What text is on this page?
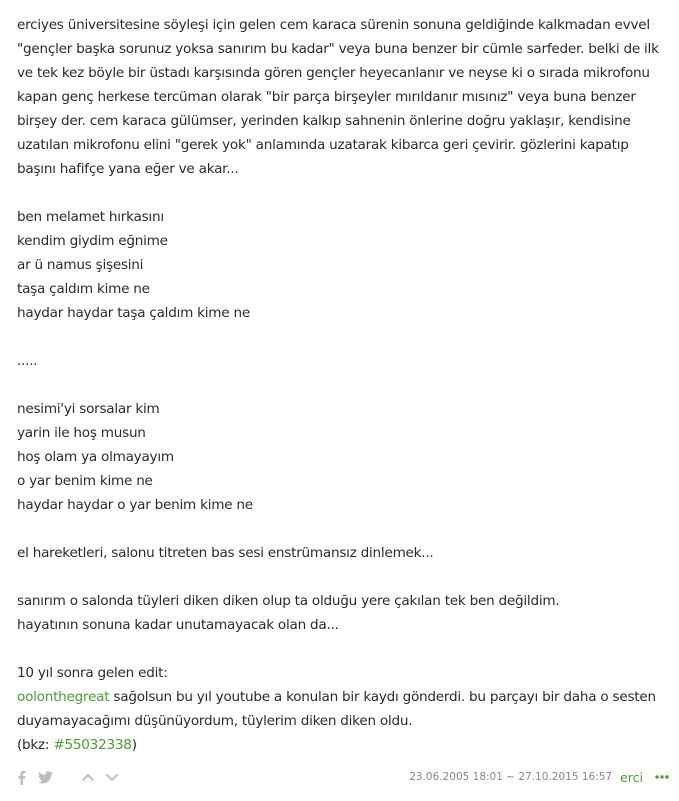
erciyes üniversitesine söyleşi için gelen cem karaca sürenin sonuna geldiğinde kalkmadan evvel

"gençler başka sorunuz yoksa sanırım bu kadar" veya buna benzer bir cümle sarfeder. belki de ilk

ve tek kez böyle bir üstadı karşısında gören gençler heyecanlanır ve neyse ki o sırada mikrofonu

kapan genç herkese tercüman olarak "bir parça birşeyler mırıldanır mısınız" veya buna benzer

birşey der. cem karaca gülümser, yerinden kalkıp sahnenin önlerine doğru yaklaşır, kendisine

uzatılan mikrofonu elini "gerek yok" anlamında uzatarak kibarca geri çevirir. gözlerini kapatıp

başını hafifçe yana eğer ve akar...

ben melamet hırkasını

kendim giydim eğnime

ar ü namus şişesini

taşa çaldım kime ne

haydar haydar taşa çaldım kime ne

.....

nesimi'yi sorsalar kim

yarin ile hoş musun

hoş olam ya olmayayım

o yar benim kime ne

haydar haydar o yar benim kime ne

el hareketleri, salonu titreten bas sesi enstrümansız dinlemek...

sanırım o salonda tüyleri diken diken olup ta olduğu yere çakılan tek ben değildim.

hayatının sonuna kadar unutamayacak olan da...

10 yıl sonra gelen edit:

oolonthegreat sağolsun bu yıl youtube a konulan bir kaydı gönderdi. bu parçayı bir daha o sesten

duyamayacağımı düşünüyordum, tüylerim diken diken oldu.

(bkz: #55032338)

23.06.2005 18:01 ~ 27.10.2015 16:57 erci
